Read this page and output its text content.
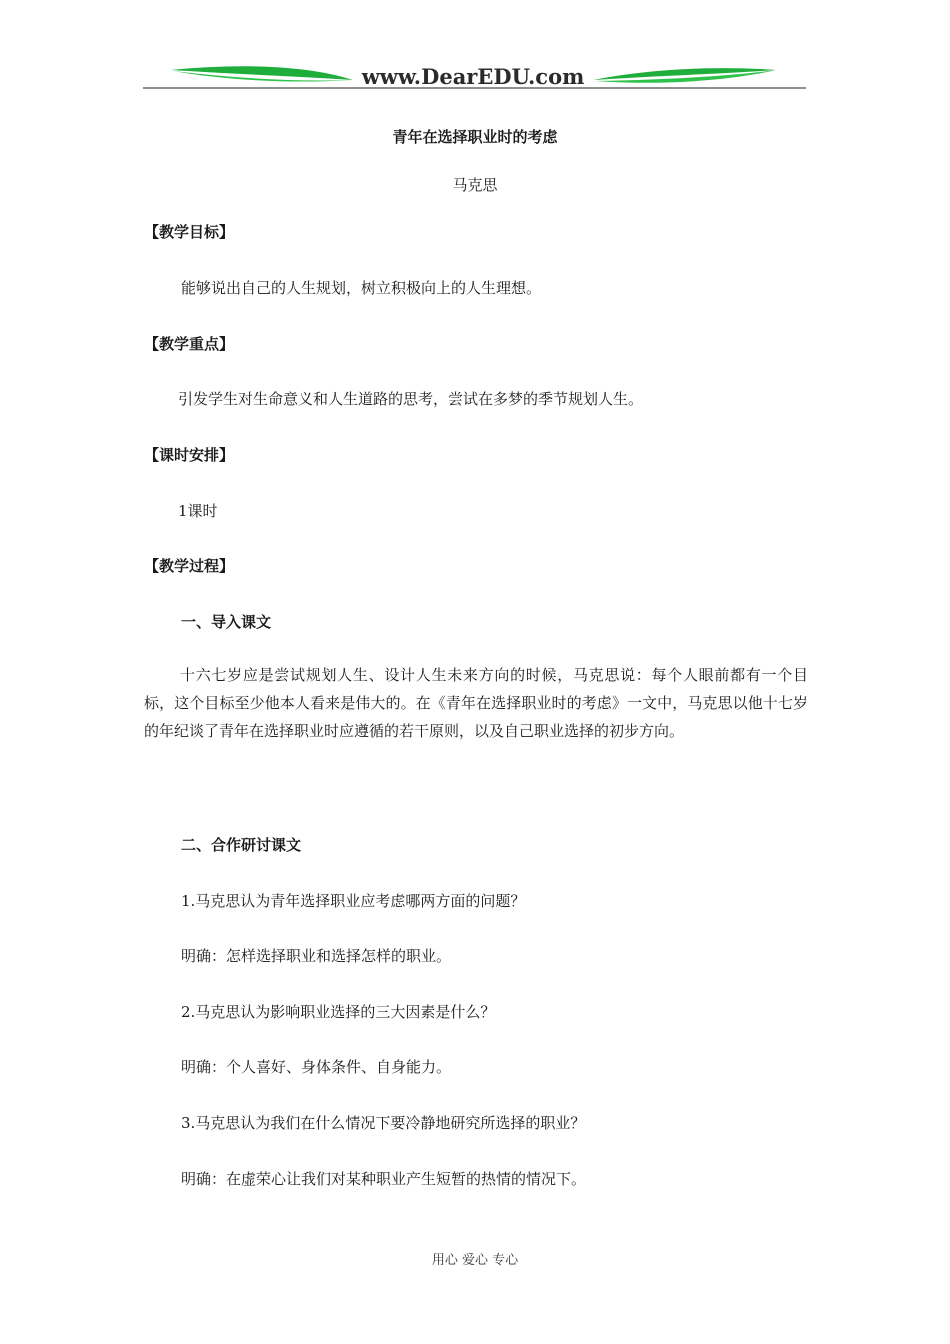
www.DearEDU.com

青年在选择职业时的考虑

马克思

【教学目标】

能够说出自己的人生规划，树立积极向上的人生理想。

【教学重点】

引发学生对生命意义和人生道路的思考，尝试在多梦的季节规划人生。

【课时安排】

1课时

【教学过程】

一、导入课文

十六七岁应是尝试规划人生、设计人生未来方向的时候，马克思说：每个人眼前都有一个目标，这个目标至少他本人看来是伟大的。在《青年在选择职业时的考虑》一文中，马克思以他十七岁的年纪谈了青年在选择职业时应遵循的若干原则，以及自己职业选择的初步方向。

二、合作研讨课文

1.马克思认为青年选择职业应考虑哪两方面的问题？

明确：怎样选择职业和选择怎样的职业。

2.马克思认为影响职业选择的三大因素是什么？

明确：个人喜好、身体条件、自身能力。

3.马克思认为我们在什么情况下要冷静地研究所选择的职业？

明确：在虚荣心让我们对某种职业产生短暂的热情的情况下。

用心 爱心 专心
